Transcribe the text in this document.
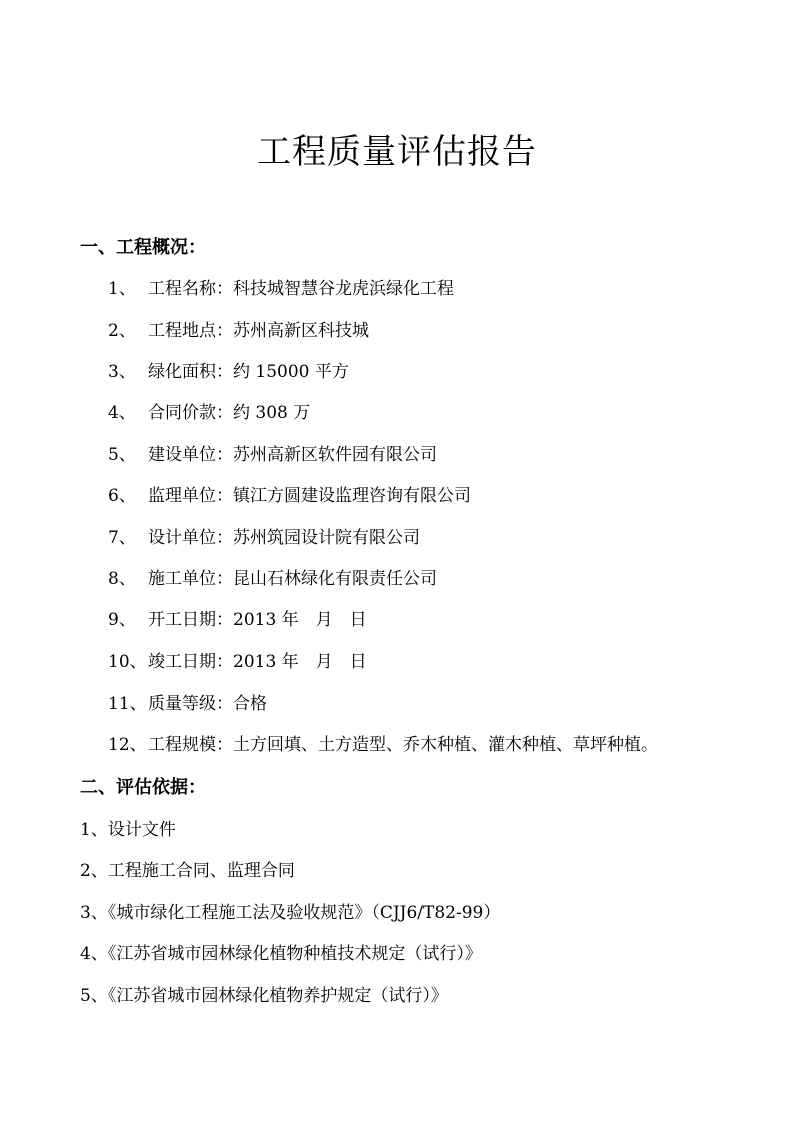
工程质量评估报告
一、工程概况：
1、 工程名称：科技城智慧谷龙虎浜绿化工程
2、 工程地点：苏州高新区科技城
3、 绿化面积：约 15000 平方
4、 合同价款：约 308 万
5、 建设单位：苏州高新区软件园有限公司
6、 监理单位：镇江方圆建设监理咨询有限公司
7、 设计单位：苏州筑园设计院有限公司
8、 施工单位：昆山石林绿化有限责任公司
9、 开工日期：2013 年　月　日
10、竣工日期：2013 年　月　日
11、质量等级：合格
12、工程规模：土方回填、土方造型、乔木种植、灌木种植、草坪种植。
二、评估依据：
1、设计文件
2、工程施工合同、监理合同
3、《城市绿化工程施工法及验收规范》（CJJ6/T82-99）
4、《江苏省城市园林绿化植物种植技术规定（试行）》
5、《江苏省城市园林绿化植物养护规定（试行）》
